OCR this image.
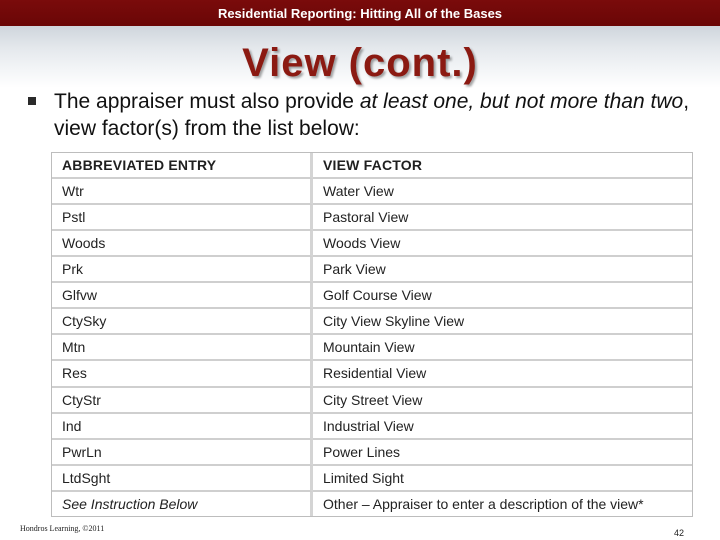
Residential Reporting: Hitting All of the Bases
View (cont.)
The appraiser must also provide at least one, but not more than two, view factor(s) from the list below:
ABBREVIATED ENTRY	VIEW FACTOR
Wtr	Water View
Pstl	Pastoral View
Woods	Woods View
Prk	Park View
Glfvw	Golf Course View
CtySky	City View Skyline View
Mtn	Mountain View
Res	Residential View
CtyStr	City Street View
Ind	Industrial View
PwrLn	Power Lines
LtdSght	Limited Sight
See Instruction Below	Other – Appraiser to enter a description of the view*
Hondros Learning, ©2011	42
